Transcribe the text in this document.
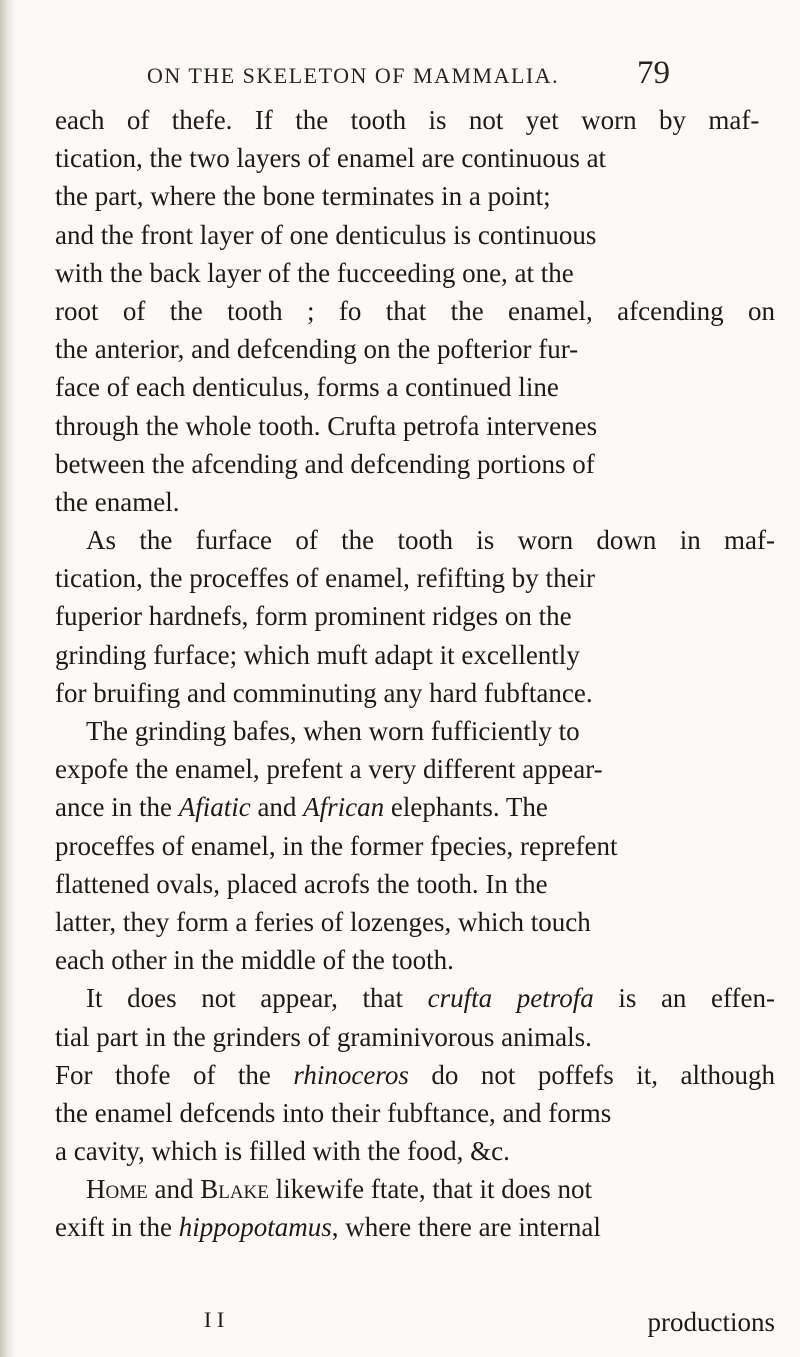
ON THE SKELETON OF MAMMALIA. 79
each of thefe. If the tooth is not yet worn by maf-
tication, the two layers of enamel are continuous at
the part, where the bone terminates in a point;
and the front layer of one denticulus is continuous
with the back layer of the fucceeding one, at the
root of the tooth ; fo that the enamel, afcending on
the anterior, and defcending on the pofterior fur-
face of each denticulus, forms a continued line
through the whole tooth. Crufta petrofa intervenes
between the afcending and defcending portions of
the enamel.
As the furface of the tooth is worn down in maf-
tication, the proceffes of enamel, refifting by their
fuperior hardnefs, form prominent ridges on the
grinding furface; which muft adapt it excellently
for bruifing and comminuting any hard fubftance.
The grinding bafes, when worn fufficiently to
expofe the enamel, prefent a very different appear-
ance in the Afiatic and African elephants. The
proceffes of enamel, in the former fpecies, reprefent
flattened ovals, placed acrofs the tooth. In the
latter, they form a feries of lozenges, which touch
each other in the middle of the tooth.
It does not appear, that crufta petrofa is an effen-
tial part in the grinders of graminivorous animals.
For thofe of the rhinoceros do not poffefs it, although
the enamel defcends into their fubftance, and forms
a cavity, which is filled with the food, &c.
Home and Blake likewife ftate, that it does not
exift in the hippopotamus, where there are internal
I I	productions
